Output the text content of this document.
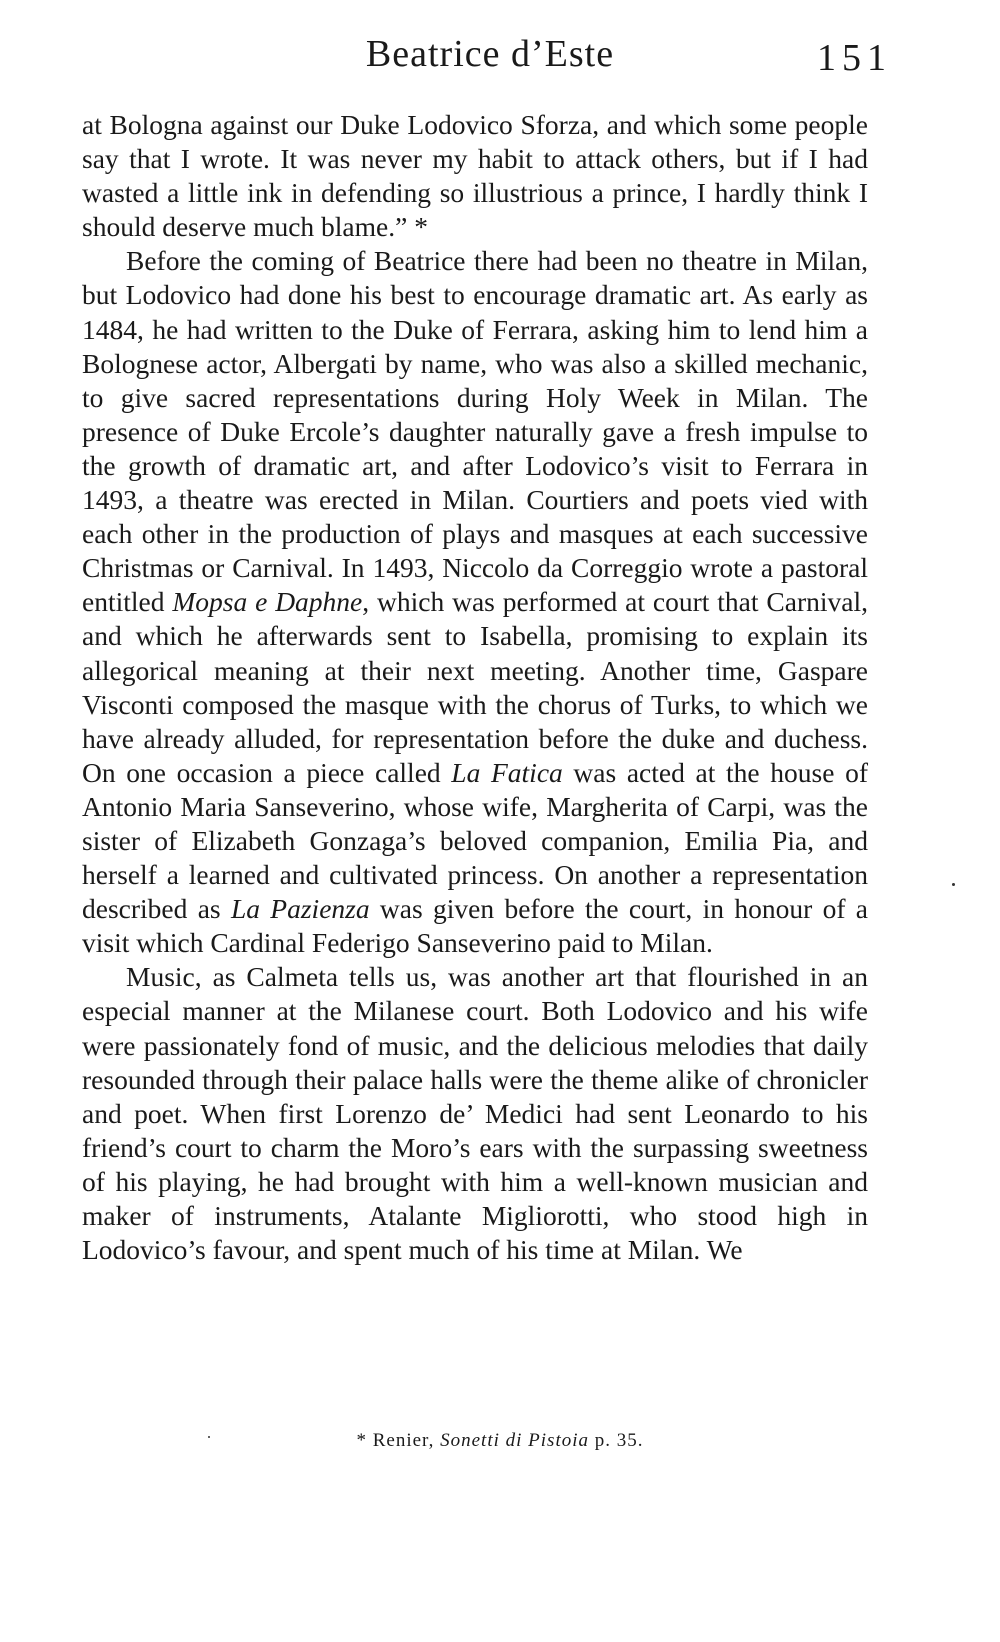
Beatrice d’Este	151

at Bologna against our Duke Lodovico Sforza, and which some people say that I wrote. It was never my habit to attack others, but if I had wasted a little ink in defending so illustrious a prince, I hardly think I should deserve much blame.” *

Before the coming of Beatrice there had been no theatre in Milan, but Lodovico had done his best to encourage dramatic art. As early as 1484, he had written to the Duke of Ferrara, asking him to lend him a Bolognese actor, Albergati by name, who was also a skilled mechanic, to give sacred representations during Holy Week in Milan. The presence of Duke Ercole’s daughter naturally gave a fresh impulse to the growth of dramatic art, and after Lodovico’s visit to Ferrara in 1493, a theatre was erected in Milan. Courtiers and poets vied with each other in the production of plays and masques at each successive Christmas or Carnival. In 1493, Niccolo da Correggio wrote a pastoral entitled Mopsa e Daphne, which was performed at court that Carnival, and which he afterwards sent to Isabella, promising to explain its allegorical meaning at their next meeting. Another time, Gaspare Visconti composed the masque with the chorus of Turks, to which we have already alluded, for representation before the duke and duchess. On one occasion a piece called La Fatica was acted at the house of Antonio Maria Sanseverino, whose wife, Margherita of Carpi, was the sister of Elizabeth Gonzaga’s beloved companion, Emilia Pia, and herself a learned and cultivated princess. On another a representation described as La Pazienza was given before the court, in honour of a visit which Cardinal Federigo Sanseverino paid to Milan.

Music, as Calmeta tells us, was another art that flourished in an especial manner at the Milanese court. Both Lodovico and his wife were passionately fond of music, and the delicious melodies that daily resounded through their palace halls were the theme alike of chronicler and poet. When first Lorenzo de’ Medici had sent Leonardo to his friend’s court to charm the Moro’s ears with the surpassing sweetness of his playing, he had brought with him a well-known musician and maker of instruments, Atalante Migliorotti, who stood high in Lodovico’s favour, and spent much of his time at Milan. We

* Renier, Sonetti di Pistoia p. 35.
